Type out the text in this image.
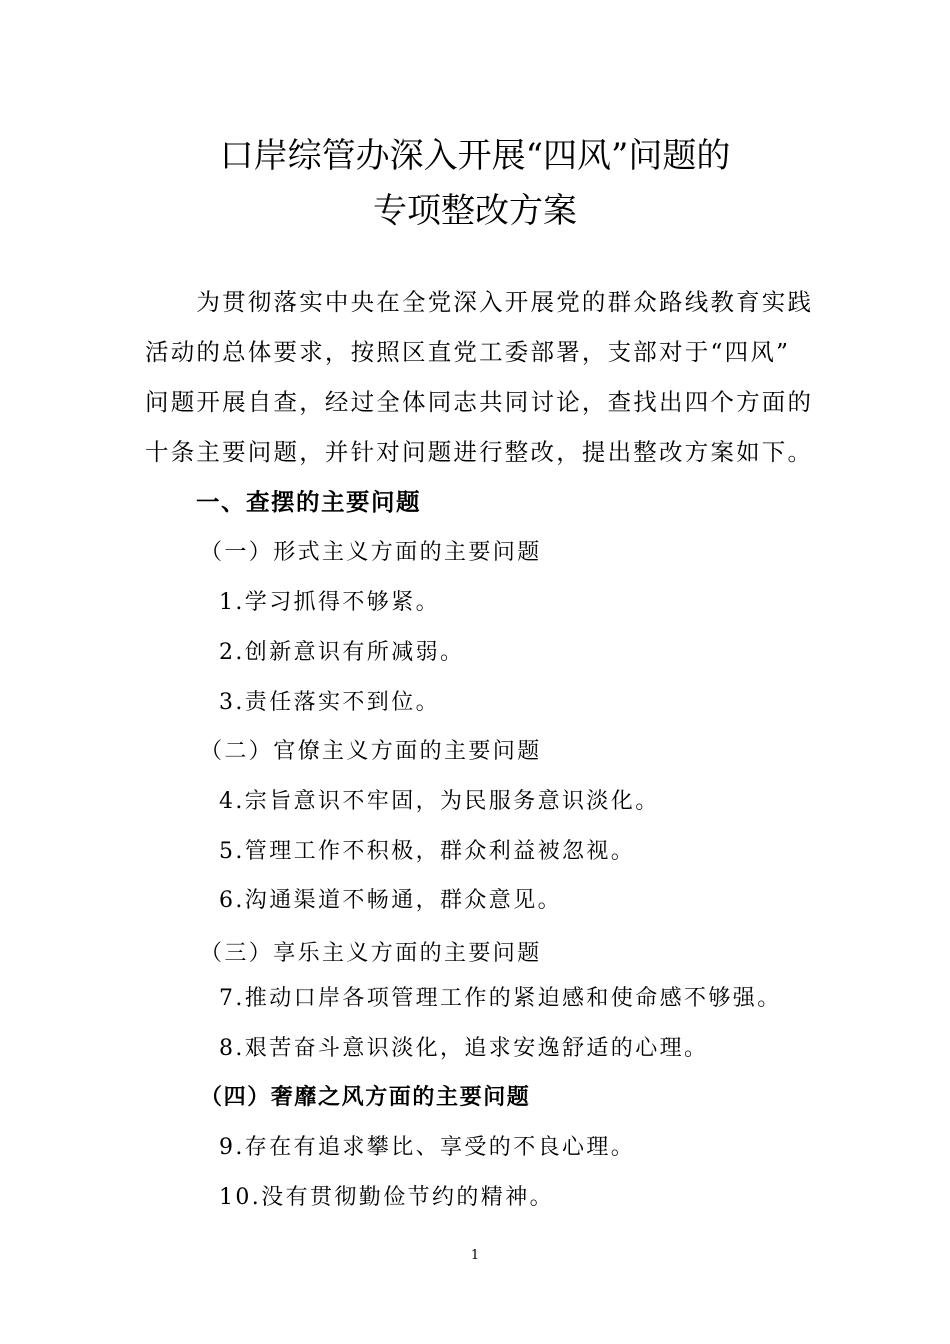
口岸综管办深入开展“四风”问题的
专项整改方案
　　为贯彻落实中央在全党深入开展党的群众路线教育实践
活动的总体要求，按照区直党工委部署，支部对于“四风”
问题开展自查，经过全体同志共同讨论，查找出四个方面的
十条主要问题，并针对问题进行整改，提出整改方案如下。
一、查摆的主要问题
（一）形式主义方面的主要问题
1.学习抓得不够紧。
2.创新意识有所减弱。
3.责任落实不到位。
（二）官僚主义方面的主要问题
4.宗旨意识不牢固，为民服务意识淡化。
5.管理工作不积极，群众利益被忽视。
6.沟通渠道不畅通，群众意见。
（三）享乐主义方面的主要问题
7.推动口岸各项管理工作的紧迫感和使命感不够强。
8.艰苦奋斗意识淡化，追求安逸舒适的心理。
（四）奢靡之风方面的主要问题
9.存在有追求攀比、享受的不良心理。
10.没有贯彻勤俭节约的精神。
1
